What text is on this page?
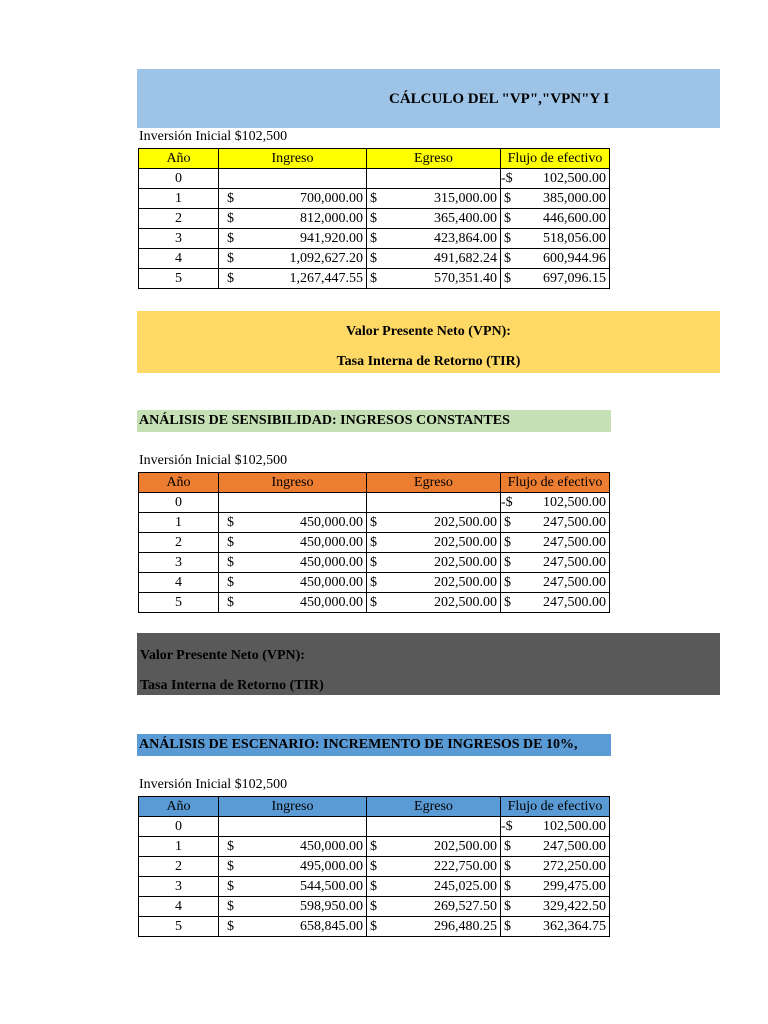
CÁLCULO DEL "VP","VPN"Y I
Inversión Inicial $102,500
Año	Ingreso	Egreso	Flujo de efectivo
0			-$ 102,500.00

1	$ 700,000.00	$ 315,000.00	$ 385,000.00

2	$ 812,000.00	$ 365,400.00	$ 446,600.00

3	$ 941,920.00	$ 423,864.00	$ 518,056.00

4	$ 1,092,627.20	$ 491,682.24	$ 600,944.96

5	$ 1,267,447.55	$ 570,351.40	$ 697,096.15
Valor Presente Neto (VPN):
Tasa Interna de Retorno (TIR)
ANÁLISIS DE SENSIBILIDAD: INGRESOS CONSTANTES
Inversión Inicial $102,500
Año	Ingreso	Egreso	Flujo de efectivo
0			-$ 102,500.00

1	$ 450,000.00	$ 202,500.00	$ 247,500.00

2	$ 450,000.00	$ 202,500.00	$ 247,500.00

3	$ 450,000.00	$ 202,500.00	$ 247,500.00

4	$ 450,000.00	$ 202,500.00	$ 247,500.00

5	$ 450,000.00	$ 202,500.00	$ 247,500.00
Valor Presente Neto (VPN):
Tasa Interna de Retorno (TIR)
ANÁLISIS DE ESCENARIO: INCREMENTO DE INGRESOS DE 10%,
Inversión Inicial $102,500
Año	Ingreso	Egreso	Flujo de efectivo
0			-$ 102,500.00

1	$ 450,000.00	$ 202,500.00	$ 247,500.00

2	$ 495,000.00	$ 222,750.00	$ 272,250.00

3	$ 544,500.00	$ 245,025.00	$ 299,475.00

4	$ 598,950.00	$ 269,527.50	$ 329,422.50

5	$ 658,845.00	$ 296,480.25	$ 362,364.75
